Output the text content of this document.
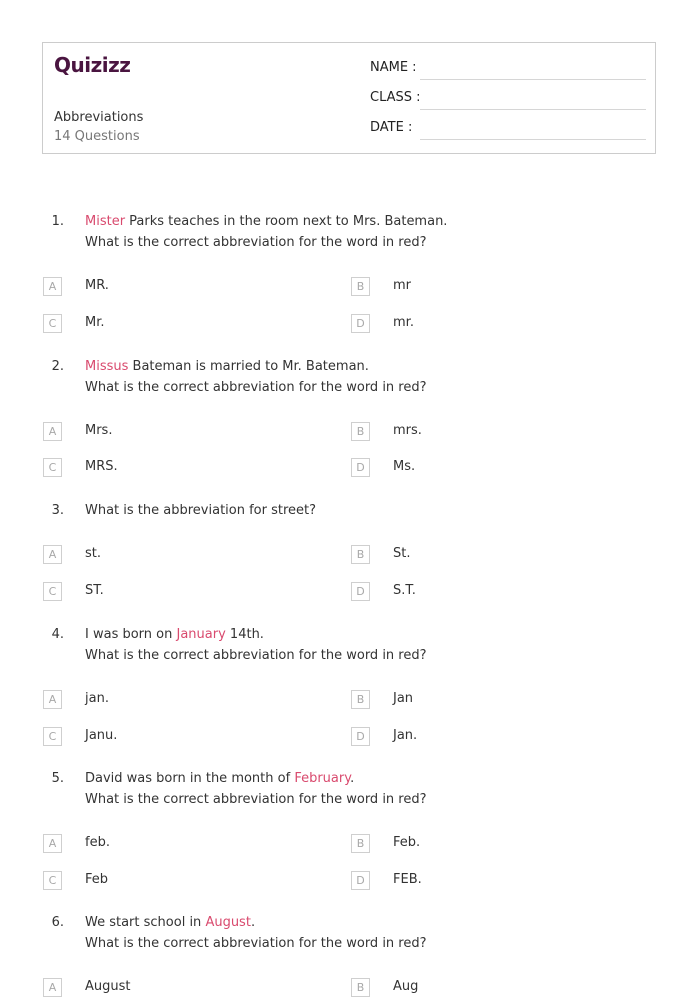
Quizizz
Abbreviations
14 Questions
NAME :
CLASS :
DATE :
1. Mister Parks teaches in the room next to Mrs. Bateman.
What is the correct abbreviation for the word in red?
A	MR.	B	mr
C	Mr.	D	mr.
2. Missus Bateman is married to Mr. Bateman.
What is the correct abbreviation for the word in red?
A	Mrs.	B	mrs.
C	MRS.	D	Ms.
3. What is the abbreviation for street?
A	st.	B	St.
C	ST.	D	S.T.
4. I was born on January 14th.
What is the correct abbreviation for the word in red?
A	jan.	B	Jan
C	Janu.	D	Jan.
5. David was born in the month of February.
What is the correct abbreviation for the word in red?
A	feb.	B	Feb.
C	Feb	D	FEB.
6. We start school in August.
What is the correct abbreviation for the word in red?
A	August	B	Aug
